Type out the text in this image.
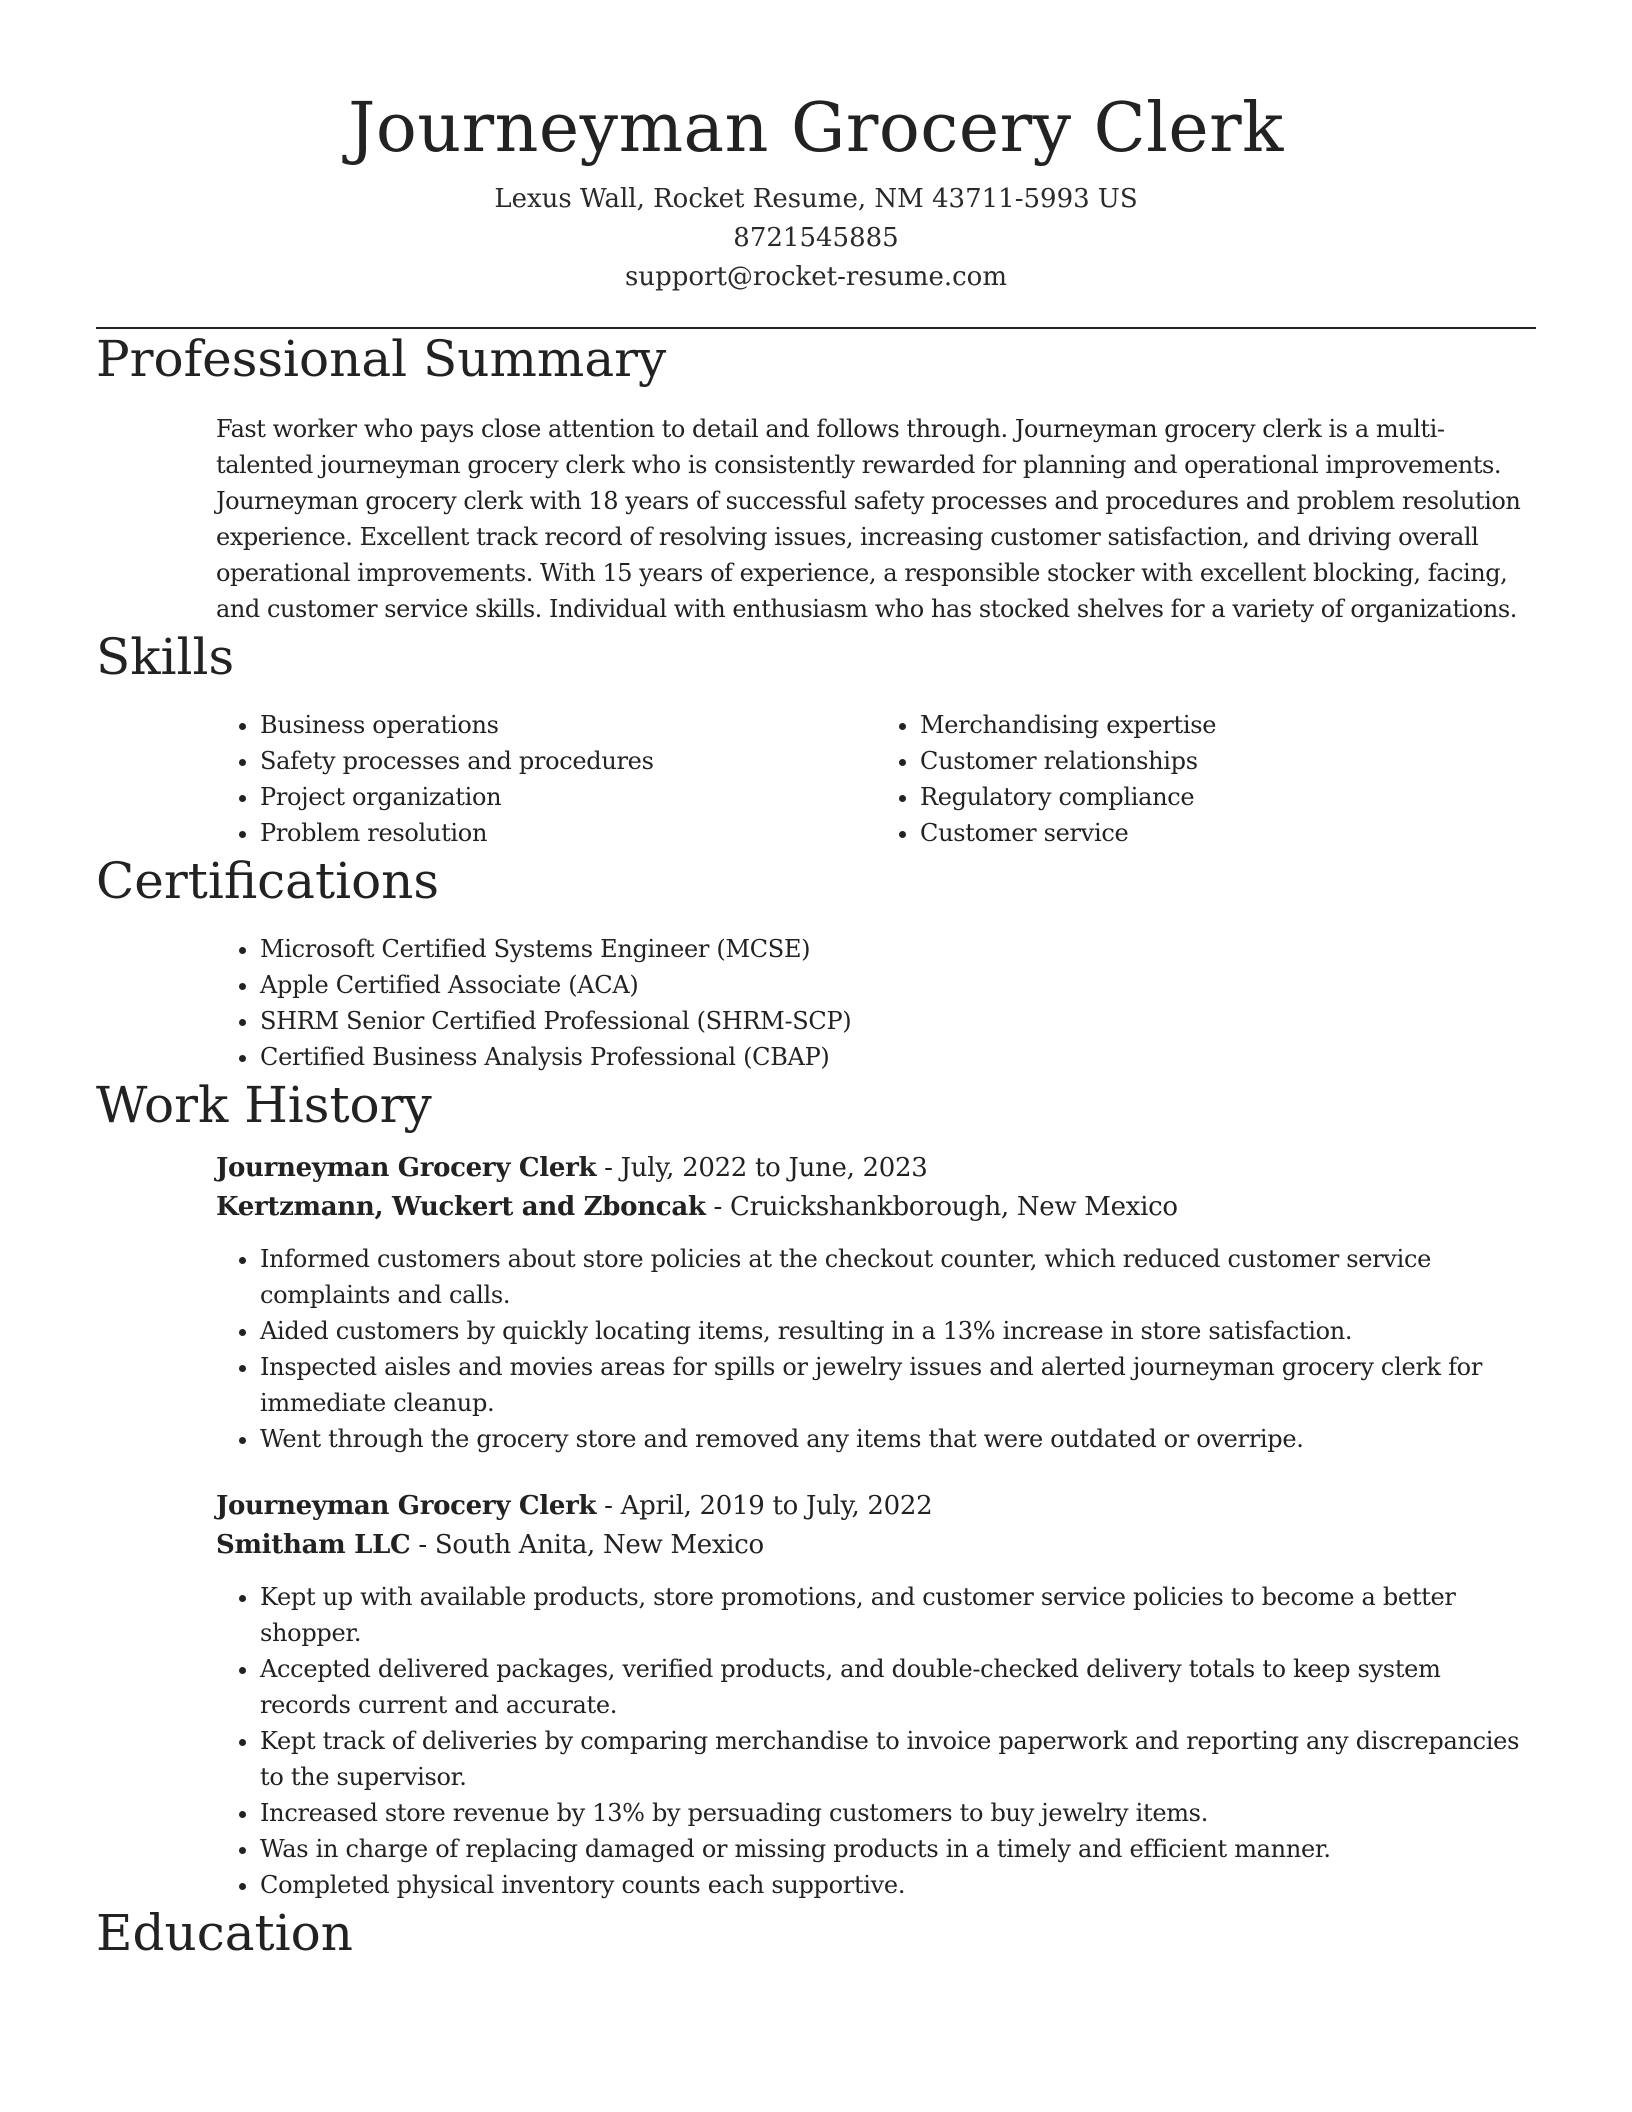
Journeyman Grocery Clerk
Lexus Wall, Rocket Resume, NM 43711-5993 US
8721545885
support@rocket-resume.com
Professional Summary

Fast worker who pays close attention to detail and follows through. Journeyman grocery clerk is a multi-talented journeyman grocery clerk who is consistently rewarded for planning and operational improvements. Journeyman grocery clerk with 18 years of successful safety processes and procedures and problem resolution experience. Excellent track record of resolving issues, increasing customer satisfaction, and driving overall operational improvements. With 15 years of experience, a responsible stocker with excellent blocking, facing, and customer service skills. Individual with enthusiasm who has stocked shelves for a variety of organizations.

Skills
• Business operations
• Safety processes and procedures
• Project organization
• Problem resolution
• Merchandising expertise
• Customer relationships
• Regulatory compliance
• Customer service
Certifications
• Microsoft Certified Systems Engineer (MCSE)
• Apple Certified Associate (ACA)
• SHRM Senior Certified Professional (SHRM-SCP)
• Certified Business Analysis Professional (CBAP)
Work History
Journeyman Grocery Clerk - July, 2022 to June, 2023
Kertzmann, Wuckert and Zboncak - Cruickshankborough, New Mexico
• Informed customers about store policies at the checkout counter, which reduced customer service complaints and calls.
• Aided customers by quickly locating items, resulting in a 13% increase in store satisfaction.
• Inspected aisles and movies areas for spills or jewelry issues and alerted journeyman grocery clerk for immediate cleanup.
• Went through the grocery store and removed any items that were outdated or overripe.
Journeyman Grocery Clerk - April, 2019 to July, 2022
Smitham LLC - South Anita, New Mexico
• Kept up with available products, store promotions, and customer service policies to become a better shopper.
• Accepted delivered packages, verified products, and double-checked delivery totals to keep system records current and accurate.
• Kept track of deliveries by comparing merchandise to invoice paperwork and reporting any discrepancies to the supervisor.
• Increased store revenue by 13% by persuading customers to buy jewelry items.
• Was in charge of replacing damaged or missing products in a timely and efficient manner.
• Completed physical inventory counts each supportive.
Education
